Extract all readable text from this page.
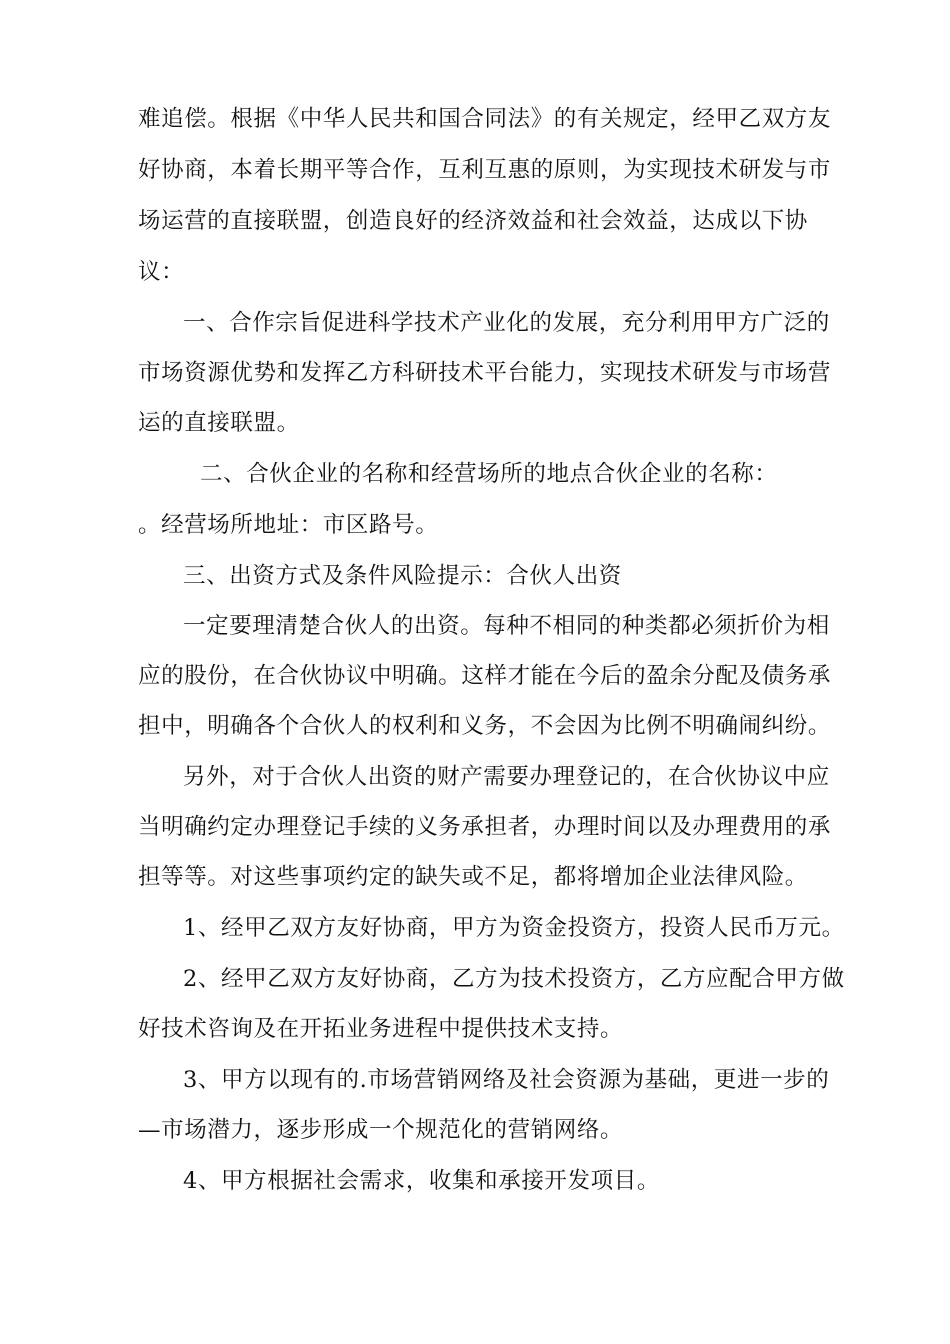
难追偿。根据《中华人民共和国合同法》的有关规定，经甲乙双方友
好协商，本着长期平等合作，互利互惠的原则，为实现技术研发与市
场运营的直接联盟，创造良好的经济效益和社会效益，达成以下协
议：
一、合作宗旨促进科学技术产业化的发展，充分利用甲方广泛的
市场资源优势和发挥乙方科研技术平台能力，实现技术研发与市场营
运的直接联盟。
二、合伙企业的名称和经营场所的地点合伙企业的名称：
。经营场所地址：市区路号。
三、出资方式及条件风险提示：合伙人出资
一定要理清楚合伙人的出资。每种不相同的种类都必须折价为相
应的股份，在合伙协议中明确。这样才能在今后的盈余分配及债务承
担中，明确各个合伙人的权利和义务，不会因为比例不明确闹纠纷。
另外，对于合伙人出资的财产需要办理登记的，在合伙协议中应
当明确约定办理登记手续的义务承担者，办理时间以及办理费用的承
担等等。对这些事项约定的缺失或不足，都将增加企业法律风险。
1、经甲乙双方友好协商，甲方为资金投资方，投资人民币万元。
2、经甲乙双方友好协商，乙方为技术投资方，乙方应配合甲方做
好技术咨询及在开拓业务进程中提供技术支持。
3、甲方以现有的.市场营销网络及社会资源为基础，更进一步的
—市场潜力，逐步形成一个规范化的营销网络。
4、甲方根据社会需求，收集和承接开发项目。
